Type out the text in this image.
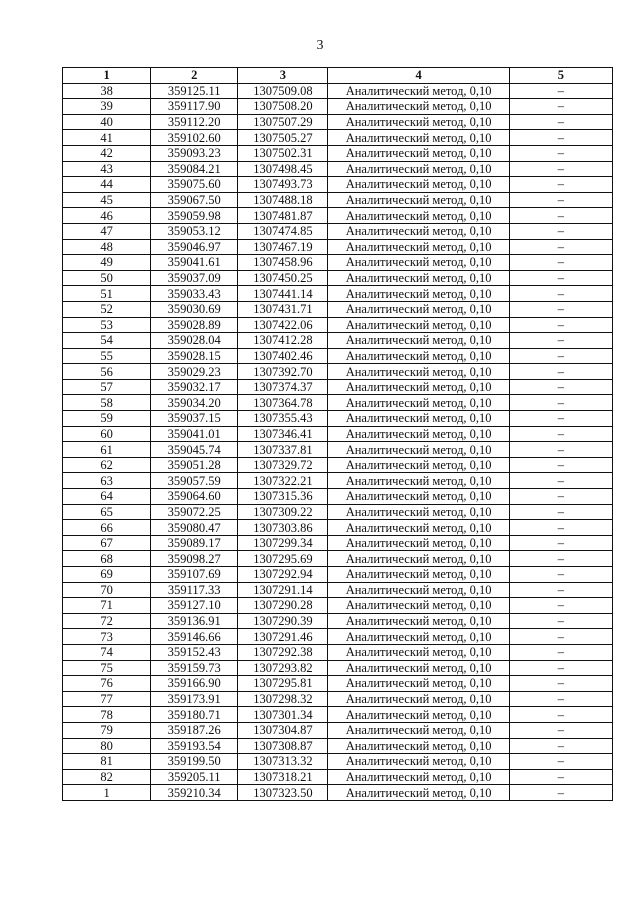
3
1	2	3	4	5
38	359125.11	1307509.08	Аналитический метод, 0,10	–
39	359117.90	1307508.20	Аналитический метод, 0,10	–
40	359112.20	1307507.29	Аналитический метод, 0,10	–
41	359102.60	1307505.27	Аналитический метод, 0,10	–
42	359093.23	1307502.31	Аналитический метод, 0,10	–
43	359084.21	1307498.45	Аналитический метод, 0,10	–
44	359075.60	1307493.73	Аналитический метод, 0,10	–
45	359067.50	1307488.18	Аналитический метод, 0,10	–
46	359059.98	1307481.87	Аналитический метод, 0,10	–
47	359053.12	1307474.85	Аналитический метод, 0,10	–
48	359046.97	1307467.19	Аналитический метод, 0,10	–
49	359041.61	1307458.96	Аналитический метод, 0,10	–
50	359037.09	1307450.25	Аналитический метод, 0,10	–
51	359033.43	1307441.14	Аналитический метод, 0,10	–
52	359030.69	1307431.71	Аналитический метод, 0,10	–
53	359028.89	1307422.06	Аналитический метод, 0,10	–
54	359028.04	1307412.28	Аналитический метод, 0,10	–
55	359028.15	1307402.46	Аналитический метод, 0,10	–
56	359029.23	1307392.70	Аналитический метод, 0,10	–
57	359032.17	1307374.37	Аналитический метод, 0,10	–
58	359034.20	1307364.78	Аналитический метод, 0,10	–
59	359037.15	1307355.43	Аналитический метод, 0,10	–
60	359041.01	1307346.41	Аналитический метод, 0,10	–
61	359045.74	1307337.81	Аналитический метод, 0,10	–
62	359051.28	1307329.72	Аналитический метод, 0,10	–
63	359057.59	1307322.21	Аналитический метод, 0,10	–
64	359064.60	1307315.36	Аналитический метод, 0,10	–
65	359072.25	1307309.22	Аналитический метод, 0,10	–
66	359080.47	1307303.86	Аналитический метод, 0,10	–
67	359089.17	1307299.34	Аналитический метод, 0,10	–
68	359098.27	1307295.69	Аналитический метод, 0,10	–
69	359107.69	1307292.94	Аналитический метод, 0,10	–
70	359117.33	1307291.14	Аналитический метод, 0,10	–
71	359127.10	1307290.28	Аналитический метод, 0,10	–
72	359136.91	1307290.39	Аналитический метод, 0,10	–
73	359146.66	1307291.46	Аналитический метод, 0,10	–
74	359152.43	1307292.38	Аналитический метод, 0,10	–
75	359159.73	1307293.82	Аналитический метод, 0,10	–
76	359166.90	1307295.81	Аналитический метод, 0,10	–
77	359173.91	1307298.32	Аналитический метод, 0,10	–
78	359180.71	1307301.34	Аналитический метод, 0,10	–
79	359187.26	1307304.87	Аналитический метод, 0,10	–
80	359193.54	1307308.87	Аналитический метод, 0,10	–
81	359199.50	1307313.32	Аналитический метод, 0,10	–
82	359205.11	1307318.21	Аналитический метод, 0,10	–
1	359210.34	1307323.50	Аналитический метод, 0,10	–
